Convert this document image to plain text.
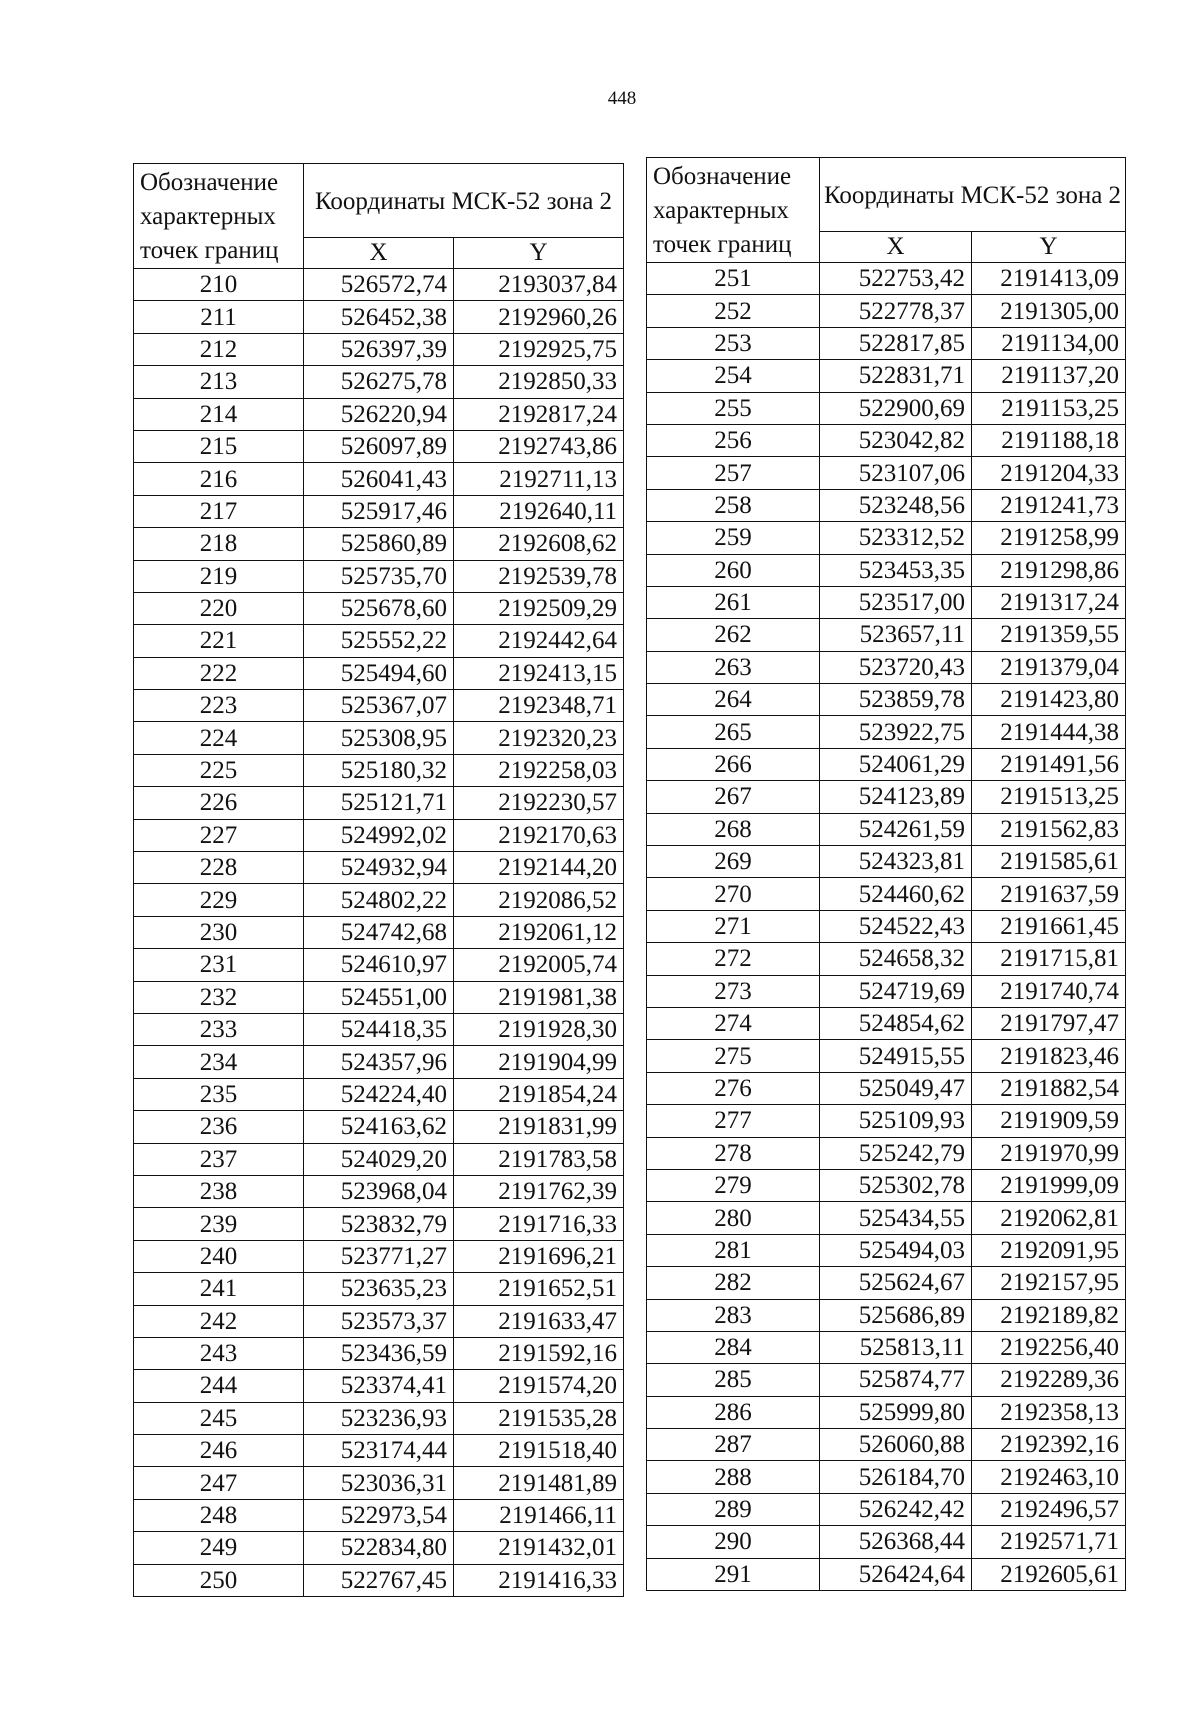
448
Обозначение характерных точек границ	Координаты МСК-52 зона 2	
	X	Y
210	526572,74	2193037,84
211	526452,38	2192960,26
212	526397,39	2192925,75
213	526275,78	2192850,33
214	526220,94	2192817,24
215	526097,89	2192743,86
216	526041,43	2192711,13
217	525917,46	2192640,11
218	525860,89	2192608,62
219	525735,70	2192539,78
220	525678,60	2192509,29
221	525552,22	2192442,64
222	525494,60	2192413,15
223	525367,07	2192348,71
224	525308,95	2192320,23
225	525180,32	2192258,03
226	525121,71	2192230,57
227	524992,02	2192170,63
228	524932,94	2192144,20
229	524802,22	2192086,52
230	524742,68	2192061,12
231	524610,97	2192005,74
232	524551,00	2191981,38
233	524418,35	2191928,30
234	524357,96	2191904,99
235	524224,40	2191854,24
236	524163,62	2191831,99
237	524029,20	2191783,58
238	523968,04	2191762,39
239	523832,79	2191716,33
240	523771,27	2191696,21
241	523635,23	2191652,51
242	523573,37	2191633,47
243	523436,59	2191592,16
244	523374,41	2191574,20
245	523236,93	2191535,28
246	523174,44	2191518,40
247	523036,31	2191481,89
248	522973,54	2191466,11
249	522834,80	2191432,01
250	522767,45	2191416,33
Обозначение характерных точек границ	Координаты МСК-52 зона 2	
	X	Y
251	522753,42	2191413,09
252	522778,37	2191305,00
253	522817,85	2191134,00
254	522831,71	2191137,20
255	522900,69	2191153,25
256	523042,82	2191188,18
257	523107,06	2191204,33
258	523248,56	2191241,73
259	523312,52	2191258,99
260	523453,35	2191298,86
261	523517,00	2191317,24
262	523657,11	2191359,55
263	523720,43	2191379,04
264	523859,78	2191423,80
265	523922,75	2191444,38
266	524061,29	2191491,56
267	524123,89	2191513,25
268	524261,59	2191562,83
269	524323,81	2191585,61
270	524460,62	2191637,59
271	524522,43	2191661,45
272	524658,32	2191715,81
273	524719,69	2191740,74
274	524854,62	2191797,47
275	524915,55	2191823,46
276	525049,47	2191882,54
277	525109,93	2191909,59
278	525242,79	2191970,99
279	525302,78	2191999,09
280	525434,55	2192062,81
281	525494,03	2192091,95
282	525624,67	2192157,95
283	525686,89	2192189,82
284	525813,11	2192256,40
285	525874,77	2192289,36
286	525999,80	2192358,13
287	526060,88	2192392,16
288	526184,70	2192463,10
289	526242,42	2192496,57
290	526368,44	2192571,71
291	526424,64	2192605,61
